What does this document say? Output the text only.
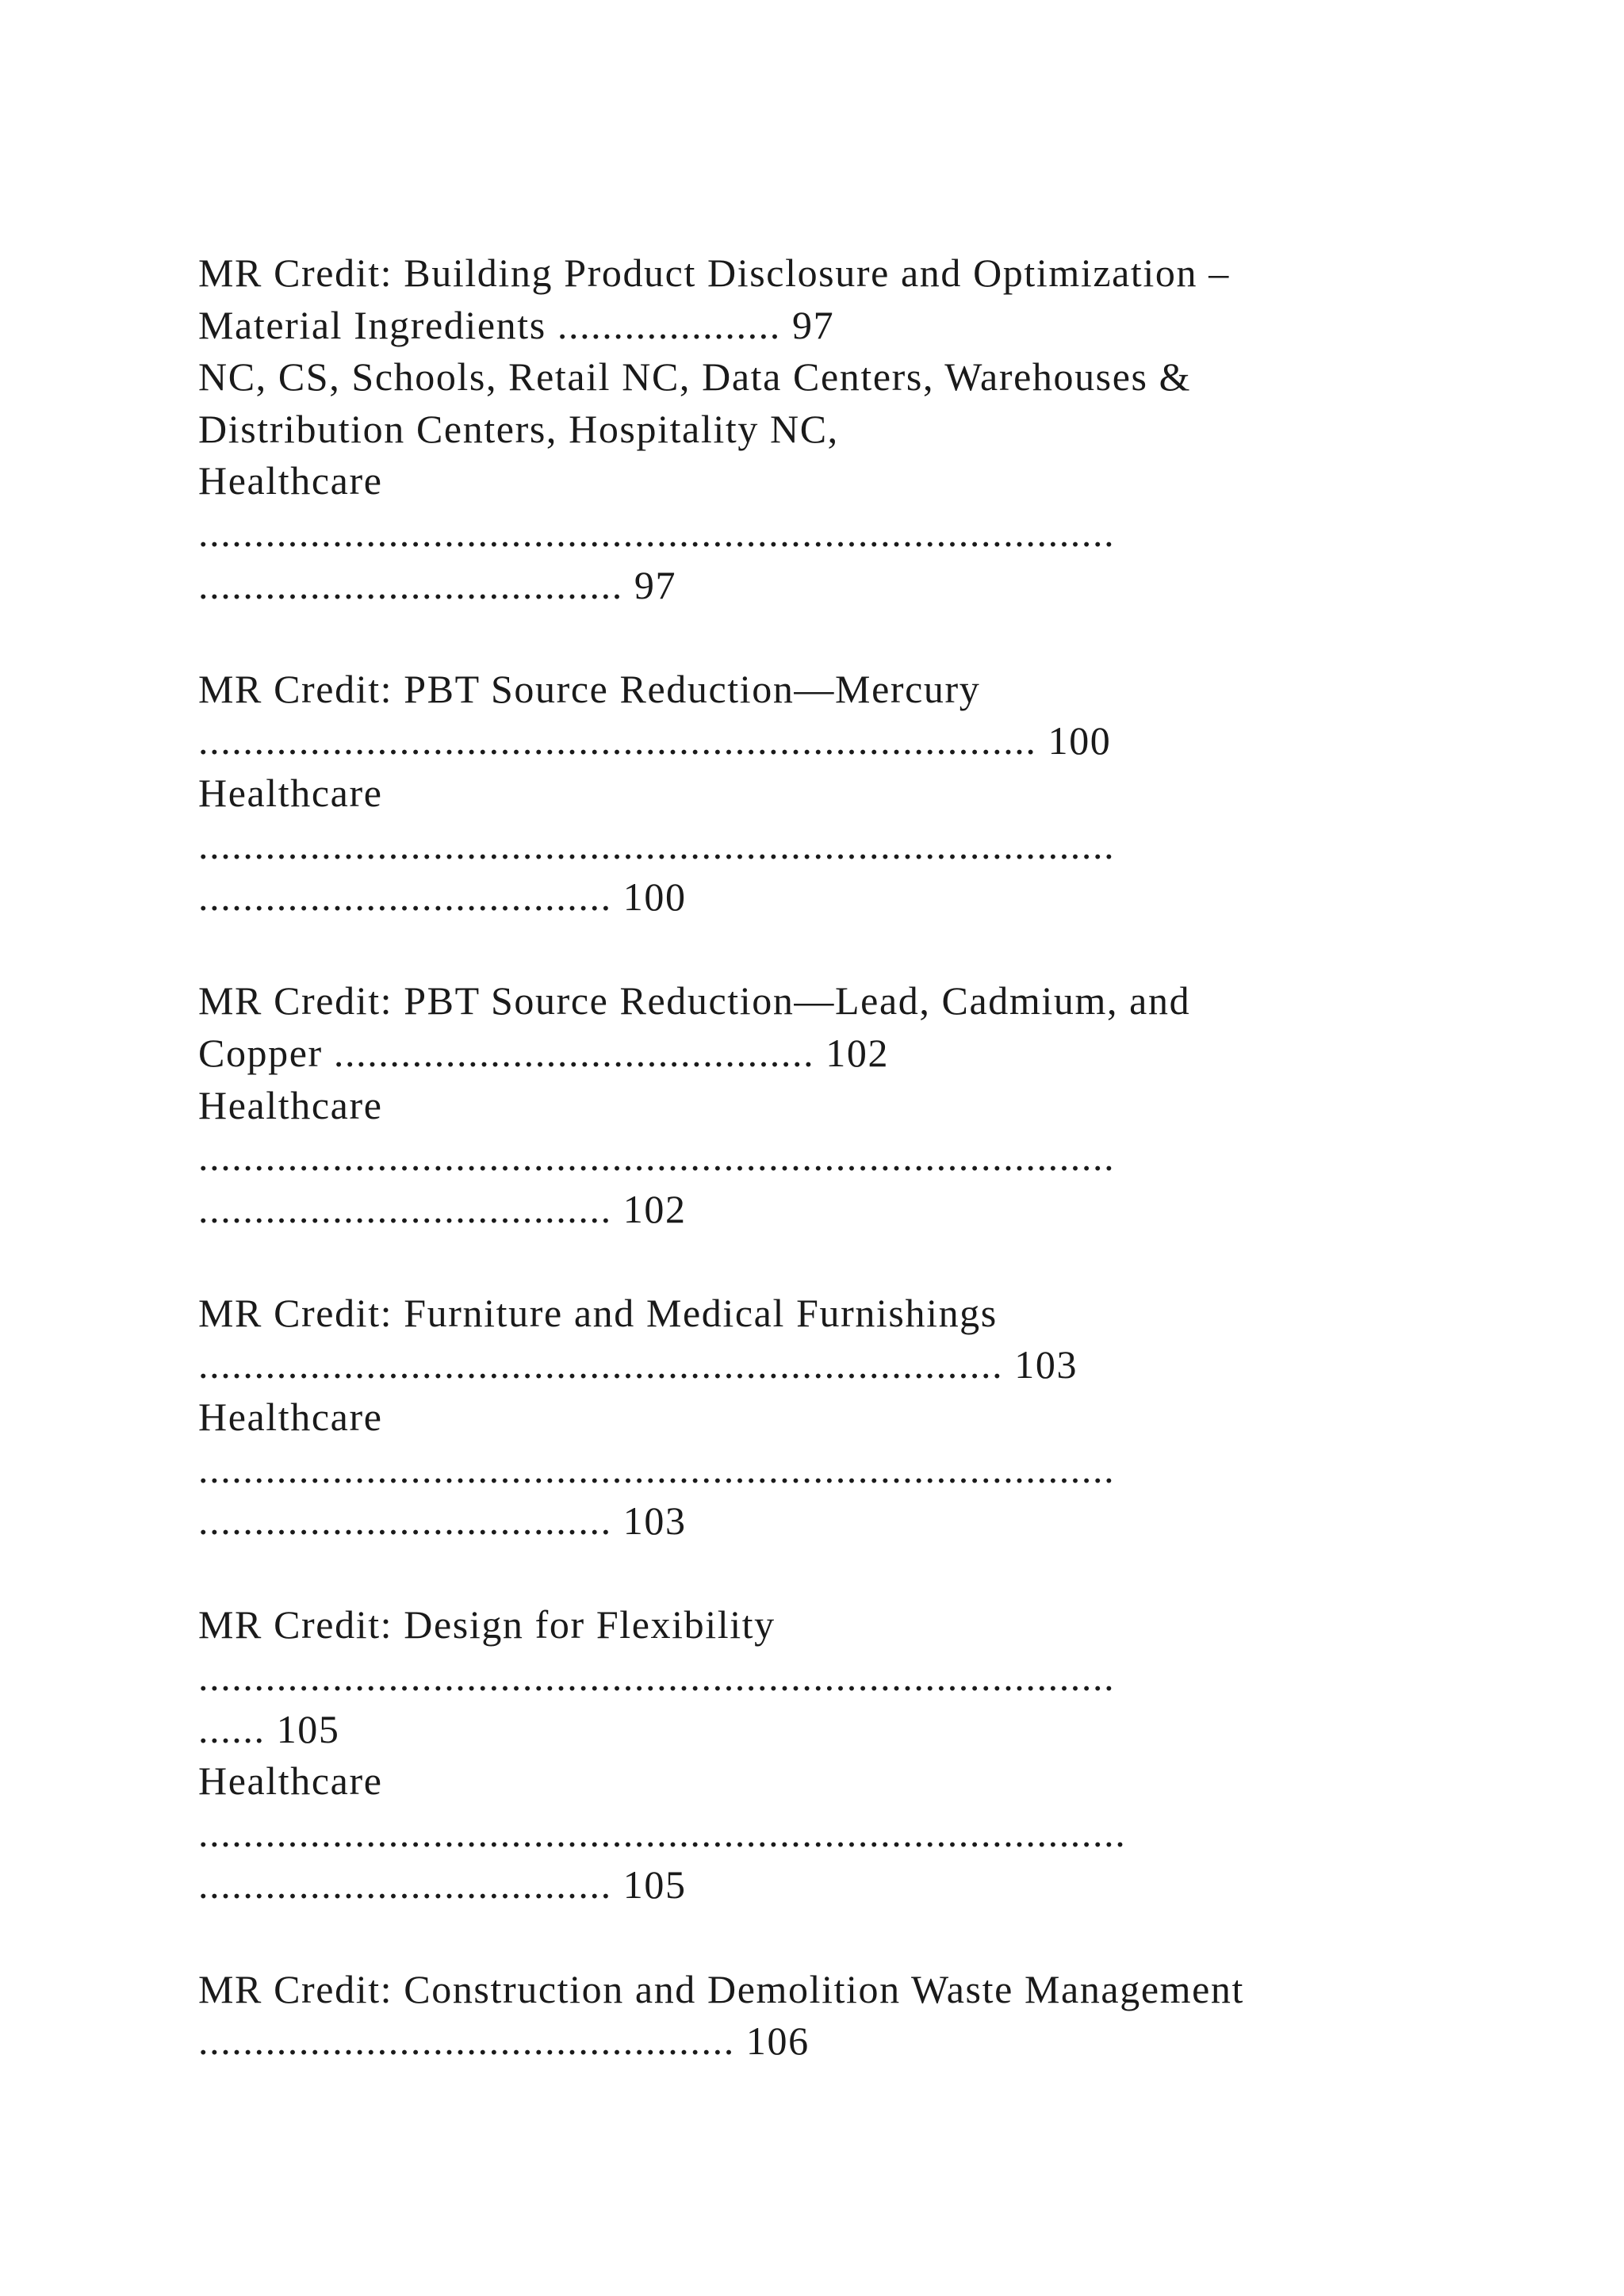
MR Credit: Building Product Disclosure and Optimization –
Material Ingredients .................... 97
NC, CS, Schools, Retail NC, Data Centers, Warehouses &
Distribution Centers, Hospitality NC,
Healthcare
..................................................................................
...................................... 97
MR Credit: PBT Source Reduction—Mercury
........................................................................... 100
Healthcare
..................................................................................
..................................... 100
MR Credit: PBT Source Reduction—Lead, Cadmium, and
Copper ........................................... 102
Healthcare
..................................................................................
..................................... 102
MR Credit: Furniture and Medical Furnishings
........................................................................ 103
Healthcare
..................................................................................
..................................... 103
MR Credit: Design for Flexibility
..................................................................................
...... 105
Healthcare
...................................................................................
..................................... 105
MR Credit: Construction and Demolition Waste Management
................................................ 106
